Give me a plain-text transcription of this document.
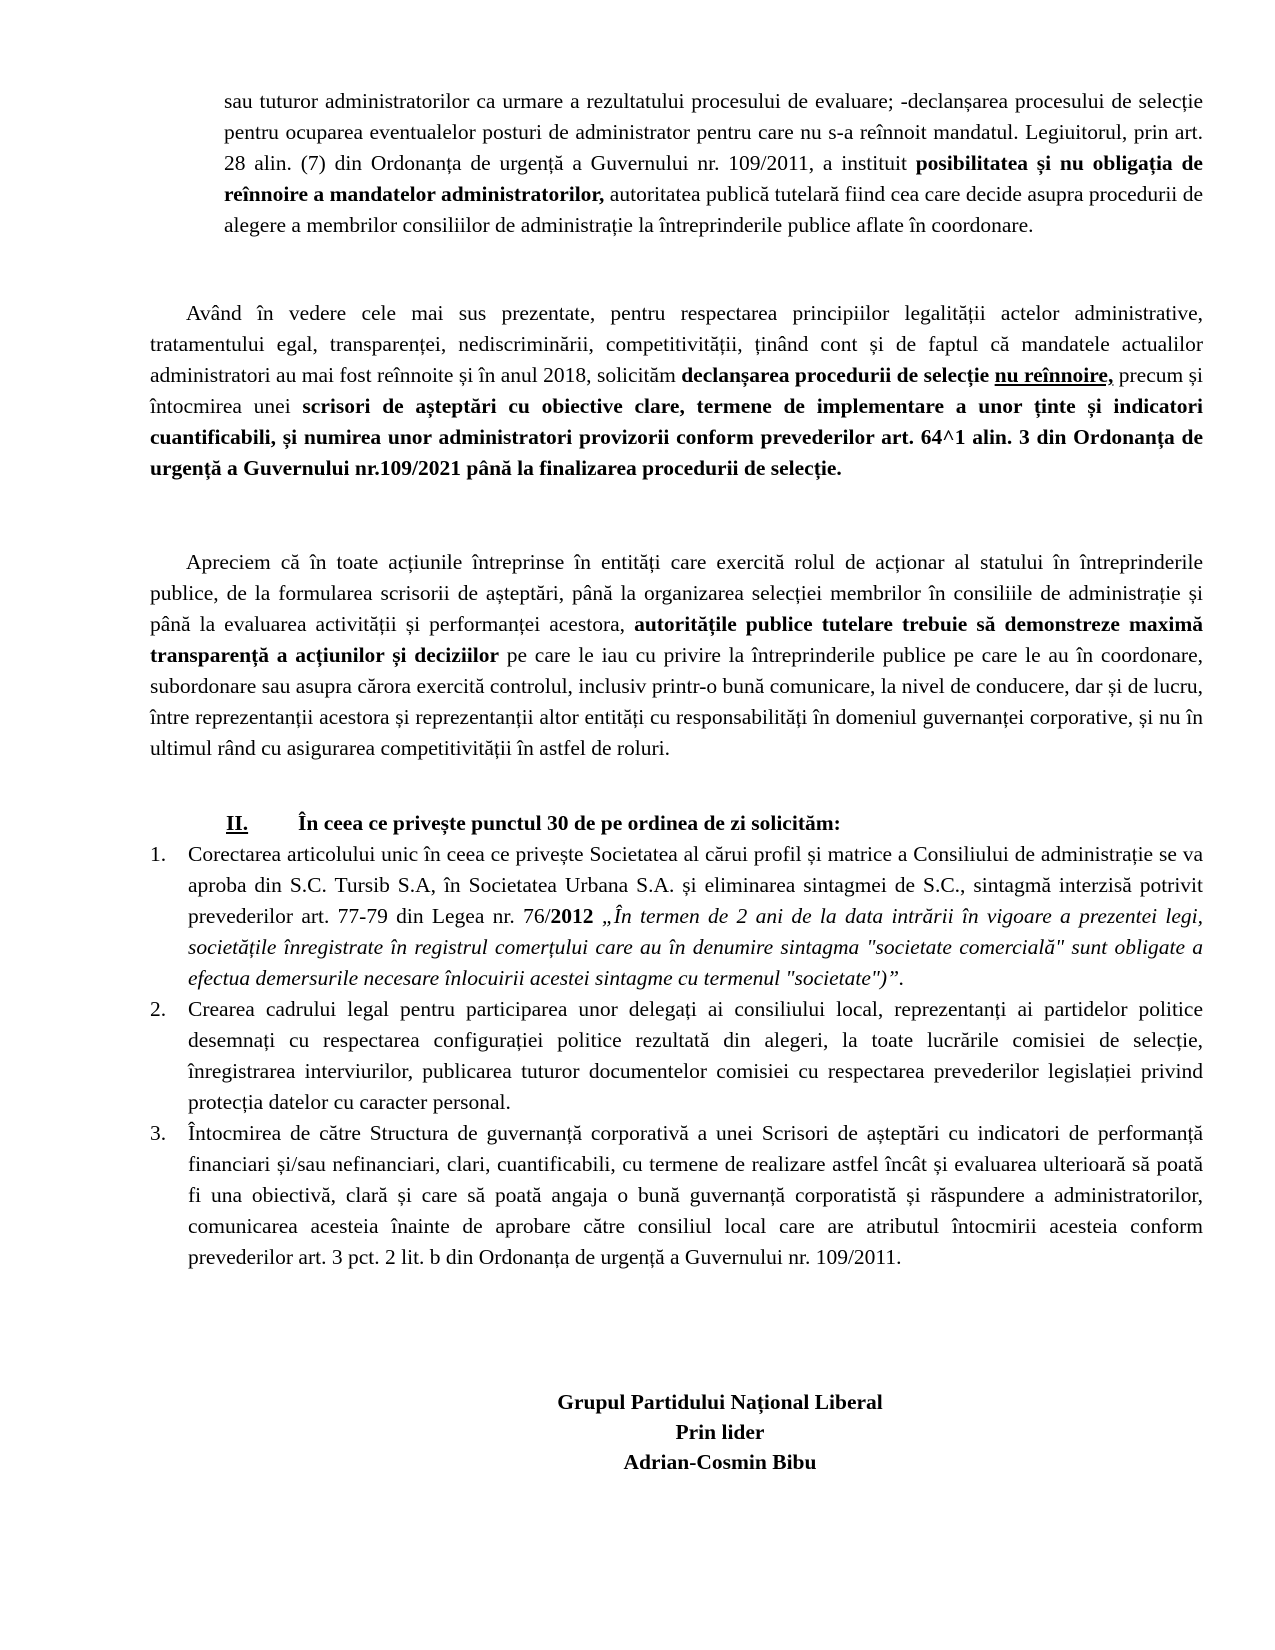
sau tuturor administratorilor ca urmare a rezultatului procesului de evaluare; -declanșarea procesului de selecție pentru ocuparea eventualelor posturi de administrator pentru care nu s-a reînnoit mandatul. Legiuitorul, prin art. 28 alin. (7) din Ordonanța de urgență a Guvernului nr. 109/2011, a instituit posibilitatea și nu obligația de reînnoire a mandatelor administratorilor, autoritatea publică tutelară fiind cea care decide asupra procedurii de alegere a membrilor consiliilor de administrație la întreprinderile publice aflate în coordonare.

Având în vedere cele mai sus prezentate, pentru respectarea principiilor legalității actelor administrative, tratamentului egal, transparenței, nediscriminării, competitivității, ținând cont și de faptul că mandatele actualilor administratori au mai fost reînnoite și în anul 2018, solicităm declanșarea procedurii de selecție nu reînnoire, precum și întocmirea unei scrisori de așteptări cu obiective clare, termene de implementare a unor ținte și indicatori cuantificabili, și numirea unor administratori provizorii conform prevederilor art. 64^1 alin. 3 din Ordonanța de urgență a Guvernului nr.109/2021 până la finalizarea procedurii de selecție.

Apreciem că în toate acțiunile întreprinse în entități care exercită rolul de acționar al statului în întreprinderile publice, de la formularea scrisorii de așteptări, până la organizarea selecției membrilor în consiliile de administrație și până la evaluarea activității și performanței acestora, autoritățile publice tutelare trebuie să demonstreze maximă transparență a acțiunilor și deciziilor pe care le iau cu privire la întreprinderile publice pe care le au în coordonare, subordonare sau asupra cărora exercită controlul, inclusiv printr-o bună comunicare, la nivel de conducere, dar și de lucru, între reprezentanții acestora și reprezentanții altor entități cu responsabilități în domeniul guvernanței corporative, și nu în ultimul rând cu asigurarea competitivității în astfel de roluri.

II. În ceea ce privește punctul 30 de pe ordinea de zi solicităm:
1. Corectarea articolului unic în ceea ce privește Societatea al cărui profil și matrice a Consiliului de administrație se va aproba din S.C. Tursib S.A, în Societatea Urbana S.A. și eliminarea sintagmei de S.C., sintagmă interzisă potrivit prevederilor art. 77-79 din Legea nr. 76/2012 „În termen de 2 ani de la data intrării în vigoare a prezentei legi, societățile înregistrate în registrul comerțului care au în denumire sintagma "societate comercială" sunt obligate a efectua demersurile necesare înlocuirii acestei sintagme cu termenul "societate")”.
2. Crearea cadrului legal pentru participarea unor delegați ai consiliului local, reprezentanți ai partidelor politice desemnați cu respectarea configurației politice rezultată din alegeri, la toate lucrările comisiei de selecție, înregistrarea interviurilor, publicarea tuturor documentelor comisiei cu respectarea prevederilor legislației privind protecția datelor cu caracter personal.
3. Întocmirea de către Structura de guvernanță corporativă a unei Scrisori de așteptări cu indicatori de performanță financiari și/sau nefinanciari, clari, cuantificabili, cu termene de realizare astfel încât și evaluarea ulterioară să poată fi una obiectivă, clară și care să poată angaja o bună guvernanță corporatistă și răspundere a administratorilor, comunicarea acesteia înainte de aprobare către consiliul local care are atributul întocmirii acesteia conform prevederilor art. 3 pct. 2 lit. b din Ordonanța de urgență a Guvernului nr. 109/2011.
Grupul Partidului Național Liberal
Prin lider
Adrian-Cosmin Bibu
